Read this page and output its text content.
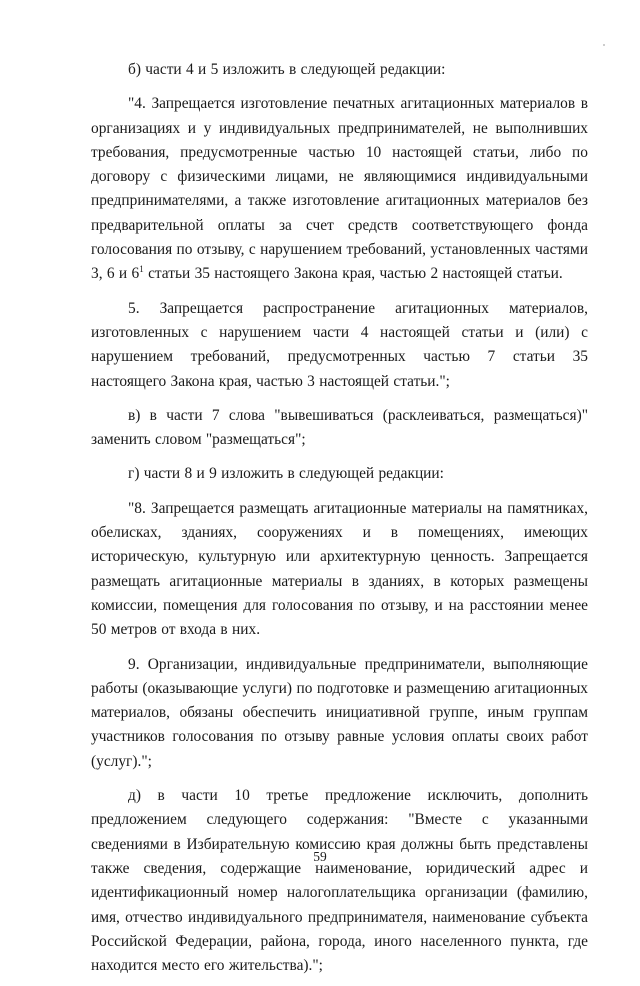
б) части 4 и 5 изложить в следующей редакции:

"4. Запрещается изготовление печатных агитационных материалов в организациях и у индивидуальных предпринимателей, не выполнивших требования, предусмотренные частью 10 настоящей статьи, либо по договору с физическими лицами, не являющимися индивидуальными предпринимателями, а также изготовление агитационных материалов без предварительной оплаты за счет средств соответствующего фонда голосования по отзыву, с нарушением требований, установленных частями 3, 6 и $6^1$ статьи 35 настоящего Закона края, частью 2 настоящей статьи.

5. Запрещается распространение агитационных материалов, изготовленных с нарушением части 4 настоящей статьи и (или) с нарушением требований, предусмотренных частью 7 статьи 35 настоящего Закона края, частью 3 настоящей статьи.";

в) в части 7 слова "вывешиваться (расклеиваться, размещаться)" заменить словом "размещаться";

г) части 8 и 9 изложить в следующей редакции:

"8. Запрещается размещать агитационные материалы на памятниках, обелисках, зданиях, сооружениях и в помещениях, имеющих историческую, культурную или архитектурную ценность. Запрещается размещать агитационные материалы в зданиях, в которых размещены комиссии, помещения для голосования по отзыву, и на расстоянии менее 50 метров от входа в них.

9. Организации, индивидуальные предприниматели, выполняющие работы (оказывающие услуги) по подготовке и размещению агитационных материалов, обязаны обеспечить инициативной группе, иным группам участников голосования по отзыву равные условия оплаты своих работ (услуг).";

д) в части 10 третье предложение исключить, дополнить предложением следующего содержания: "Вместе с указанными сведениями в Избирательную комиссию края должны быть представлены также сведения, содержащие наименование, юридический адрес и идентификационный номер налогоплательщика организации (фамилию, имя, отчество индивидуального предпринимателя, наименование субъекта Российской Федерации, района, города, иного населенного пункта, где находится место его жительства).";

59
